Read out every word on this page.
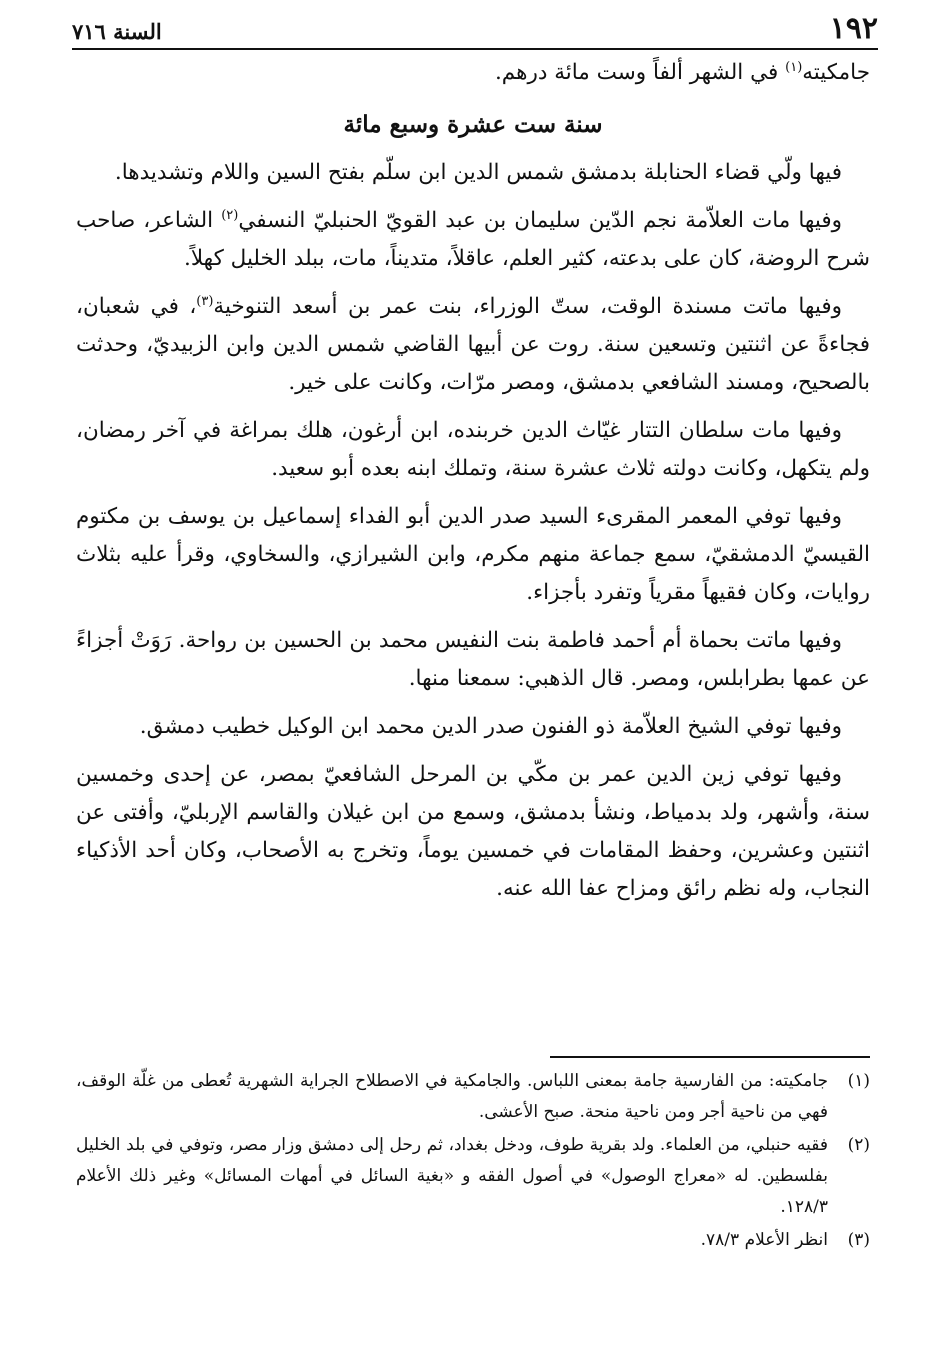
١٩٢
السنة ٧١٦

جامكيته$^{(١)}$ في الشهر ألفاً وست مائة درهم.

سنة ست عشرة وسبع مائة

فيها ولّي قضاء الحنابلة بدمشق شمس الدين ابن سلّم بفتح السين واللام وتشديدها.

وفيها مات العلاّمة نجم الدّين سليمان بن عبد القويّ الحنبليّ النسفي$^{(٢)}$ الشاعر، صاحب شرح الروضة، كان على بدعته، كثير العلم، عاقلاً، متديناً، مات، ببلد الخليل كهلاً.

وفيها ماتت مسندة الوقت، ستّ الوزراء، بنت عمر بن أسعد التنوخية$^{(٣)}$، في شعبان، فجاءةً عن اثنتين وتسعين سنة. روت عن أبيها القاضي شمس الدين وابن الزبيديّ، وحدثت بالصحيح، ومسند الشافعي بدمشق، ومصر مرّات، وكانت على خير.

وفيها مات سلطان التتار غيّاث الدين خربنده، ابن أرغون، هلك بمراغة في آخر رمضان، ولم يتكهل، وكانت دولته ثلاث عشرة سنة، وتملك ابنه بعده أبو سعيد.

وفيها توفي المعمر المقرىء السيد صدر الدين أبو الفداء إسماعيل بن يوسف بن مكتوم القيسيّ الدمشقيّ، سمع جماعة منهم مكرم، وابن الشيرازي، والسخاوي، وقرأ عليه بثلاث روايات، وكان فقيهاً مقرياً وتفرد بأجزاء.

وفيها ماتت بحماة أم أحمد فاطمة بنت النفيس محمد بن الحسين بن رواحة. رَوَتْ أجزاءً عن عمها بطرابلس، ومصر. قال الذهبي: سمعنا منها.

وفيها توفي الشيخ العلاّمة ذو الفنون صدر الدين محمد ابن الوكيل خطيب دمشق.

وفيها توفي زين الدين عمر بن مكّي بن المرحل الشافعيّ بمصر، عن إحدى وخمسين سنة، وأشهر، ولد بدمياط، ونشأ بدمشق، وسمع من ابن غيلان والقاسم الإربليّ، وأفتى عن اثنتين وعشرين، وحفظ المقامات في خمسين يوماً، وتخرج به الأصحاب، وكان أحد الأذكياء النجاب، وله نظم رائق ومزاح عفا الله عنه.

(١)
جامكيته: من الفارسية جامة بمعنى اللباس. والجامكية في الاصطلاح الجراية الشهرية تُعطى من غلّة الوقف، فهي من ناحية أجر ومن ناحية منحة. صبح الأعشى.
(٢)
فقيه حنبلي، من العلماء. ولد بقرية طوف، ودخل بغداد، ثم رحل إلى دمشق وزار مصر، وتوفي في بلد الخليل بفلسطين. له «معراج الوصول» في أصول الفقه و «بغية السائل في أمهات المسائل» وغير ذلك الأعلام ١٢٨/٣.
(٣)
انظر الأعلام ٧٨/٣.
